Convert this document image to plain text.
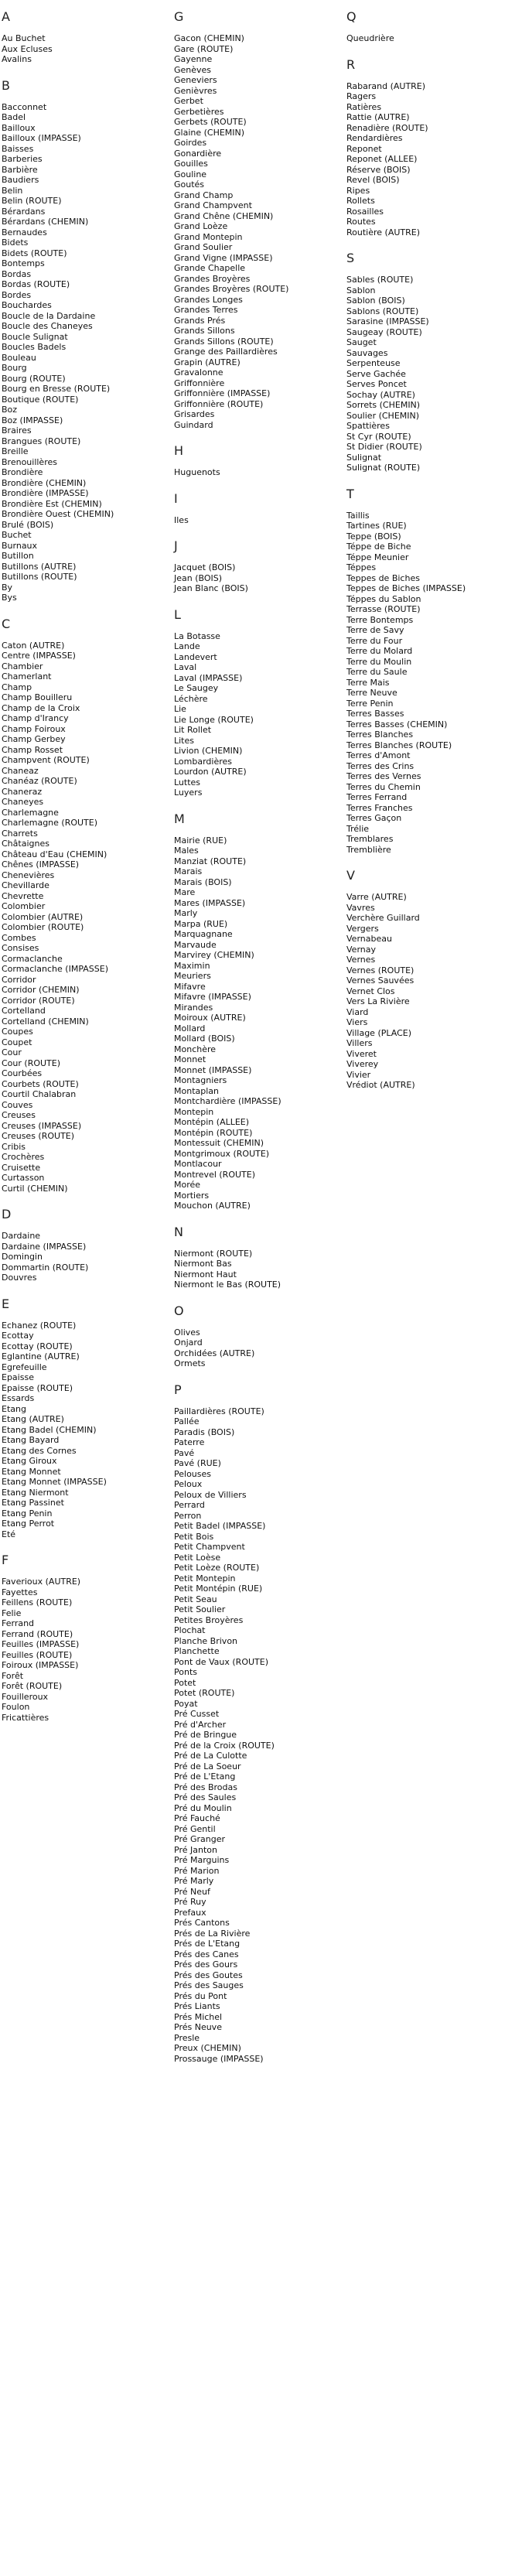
A
Au Buchet
Aux Ecluses
Avalins
B
Bacconnet
Badel
Bailloux
Bailloux (IMPASSE)
Baisses
Barberies
Barbière
Baudiers
Belin
Belin (ROUTE)
Bérardans
Bérardans (CHEMIN)
Bernaudes
Bidets
Bidets (ROUTE)
Bontemps
Bordas
Bordas (ROUTE)
Bordes
Bouchardes
Boucle de la Dardaine
Boucle des Chaneyes
Boucle Sulignat
Boucles Badels
Bouleau
Bourg
Bourg (ROUTE)
Bourg en Bresse (ROUTE)
Boutique (ROUTE)
Boz
Boz (IMPASSE)
Braires
Brangues (ROUTE)
Breille
Brenouillères
Brondière
Brondière (CHEMIN)
Brondière (IMPASSE)
Brondière Est (CHEMIN)
Brondière Ouest (CHEMIN)
Brulé (BOIS)
Buchet
Burnaux
Butillon
Butillons (AUTRE)
Butillons (ROUTE)
By
Bys
C
Caton (AUTRE)
Centre (IMPASSE)
Chambier
Chamerlant
Champ
Champ Bouilleru
Champ de la Croix
Champ d'Irancy
Champ Foiroux
Champ Gerbey
Champ Rosset
Champvent (ROUTE)
Chaneaz
Chanéaz (ROUTE)
Chaneraz
Chaneyes
Charlemagne
Charlemagne (ROUTE)
Charrets
Châtaignes
Château d'Eau (CHEMIN)
Chênes (IMPASSE)
Chenevières
Chevillarde
Chevrette
Colombier
Colombier (AUTRE)
Colombier (ROUTE)
Combes
Consises
Cormaclanche
Cormaclanche (IMPASSE)
Corridor
Corridor (CHEMIN)
Corridor (ROUTE)
Cortelland
Cortelland (CHEMIN)
Coupes
Coupet
Cour
Cour (ROUTE)
Courbées
Courbets (ROUTE)
Courtil Chalabran
Couves
Creuses
Creuses (IMPASSE)
Creuses (ROUTE)
Cribis
Crochères
Cruisette
Curtasson
Curtil (CHEMIN)
D
Dardaine
Dardaine (IMPASSE)
Domingin
Dommartin (ROUTE)
Douvres
E
Echanez (ROUTE)
Ecottay
Ecottay (ROUTE)
Eglantine (AUTRE)
Egrefeuille
Epaisse
Epaisse (ROUTE)
Essards
Etang
Etang (AUTRE)
Etang Badel (CHEMIN)
Etang Bayard
Etang des Cornes
Etang Giroux
Etang Monnet
Etang Monnet (IMPASSE)
Etang Niermont
Etang Passinet
Etang Penin
Etang Perrot
Eté
F
Faverioux (AUTRE)
Fayettes
Feillens (ROUTE)
Felie
Ferrand
Ferrand (ROUTE)
Feuilles (IMPASSE)
Feuilles (ROUTE)
Foiroux (IMPASSE)
Forêt
Forêt (ROUTE)
Fouilleroux
Foulon
Fricattières
G
Gacon (CHEMIN)
Gare (ROUTE)
Gayenne
Genèves
Geneviers
Genièvres
Gerbet
Gerbetières
Gerbets (ROUTE)
Glaine (CHEMIN)
Goirdes
Gonardière
Gouilles
Gouline
Goutés
Grand Champ
Grand Champvent
Grand Chêne (CHEMIN)
Grand Loèze
Grand Montepin
Grand Soulier
Grand Vigne (IMPASSE)
Grande Chapelle
Grandes Broyères
Grandes Broyères (ROUTE)
Grandes Longes
Grandes Terres
Grands Prés
Grands Sillons
Grands Sillons (ROUTE)
Grange des Paillardières
Grapin (AUTRE)
Gravalonne
Griffonnière
Griffonnière (IMPASSE)
Griffonnière (ROUTE)
Grisardes
Guindard
H
Huguenots
I
Iles
J
Jacquet (BOIS)
Jean (BOIS)
Jean Blanc (BOIS)
L
La Botasse
Lande
Landevert
Laval
Laval (IMPASSE)
Le Saugey
Léchère
Lie
Lie Longe (ROUTE)
Lit Rollet
Lites
Livion (CHEMIN)
Lombardières
Lourdon (AUTRE)
Luttes
Luyers
M
Mairie (RUE)
Males
Manziat (ROUTE)
Marais
Marais (BOIS)
Mare
Mares (IMPASSE)
Marly
Marpa (RUE)
Marquagnane
Marvaude
Marvirey (CHEMIN)
Maximin
Meuriers
Mifavre
Mifavre (IMPASSE)
Mirandes
Moiroux (AUTRE)
Mollard
Mollard (BOIS)
Monchère
Monnet
Monnet (IMPASSE)
Montagniers
Montaplan
Montchardière (IMPASSE)
Montepin
Montépin (ALLEE)
Montépin (ROUTE)
Montessuit (CHEMIN)
Montgrimoux (ROUTE)
Montlacour
Montrevel (ROUTE)
Morée
Mortiers
Mouchon (AUTRE)
N
Niermont (ROUTE)
Niermont Bas
Niermont Haut
Niermont le Bas (ROUTE)
O
Olives
Onjard
Orchidées (AUTRE)
Ormets
P
Paillardières (ROUTE)
Pallée
Paradis (BOIS)
Paterre
Pavé
Pavé (RUE)
Pelouses
Peloux
Peloux de Villiers
Perrard
Perron
Petit Badel (IMPASSE)
Petit Bois
Petit Champvent
Petit Loèse
Petit Loèze (ROUTE)
Petit Montepin
Petit Montépin (RUE)
Petit Seau
Petit Soulier
Petites Broyères
Plochat
Planche Brivon
Planchette
Pont de Vaux (ROUTE)
Ponts
Potet
Potet (ROUTE)
Poyat
Pré Cusset
Pré d'Archer
Pré de Bringue
Pré de la Croix (ROUTE)
Pré de La Culotte
Pré de La Soeur
Pré de L'Etang
Pré des Brodas
Pré des Saules
Pré du Moulin
Pré Fauché
Pré Gentil
Pré Granger
Pré Janton
Pré Marguins
Pré Marion
Pré Marly
Pré Neuf
Pré Ruy
Prefaux
Prés Cantons
Prés de La Rivière
Prés de L'Etang
Prés des Canes
Prés des Gours
Prés des Goutes
Prés des Sauges
Prés du Pont
Prés Liants
Prés Michel
Prés Neuve
Presle
Preux (CHEMIN)
Prossauge (IMPASSE)
Q
Queudrière
R
Rabarand (AUTRE)
Ragers
Ratières
Rattie (AUTRE)
Renadière (ROUTE)
Rendardières
Reponet
Reponet (ALLEE)
Réserve (BOIS)
Revel (BOIS)
Ripes
Rollets
Rosailles
Routes
Routière (AUTRE)
S
Sables (ROUTE)
Sablon
Sablon (BOIS)
Sablons (ROUTE)
Sarasine (IMPASSE)
Saugeay (ROUTE)
Sauget
Sauvages
Serpenteuse
Serve Gachée
Serves Poncet
Sochay (AUTRE)
Sorrets (CHEMIN)
Soulier (CHEMIN)
Spattières
St Cyr (ROUTE)
St Didier (ROUTE)
Sulignat
Sulignat (ROUTE)
T
Taillis
Tartines (RUE)
Teppe (BOIS)
Téppe de Biche
Téppe Meunier
Téppes
Teppes de Biches
Teppes de Biches (IMPASSE)
Téppes du Sablon
Terrasse (ROUTE)
Terre Bontemps
Terre de Savy
Terre du Four
Terre du Molard
Terre du Moulin
Terre du Saule
Terre Mais
Terre Neuve
Terre Penin
Terres Basses
Terres Basses (CHEMIN)
Terres Blanches
Terres Blanches (ROUTE)
Terres d'Amont
Terres des Crins
Terres des Vernes
Terres du Chemin
Terres Ferrand
Terres Franches
Terres Gaçon
Trélie
Tremblares
Tremblière
V
Varre (AUTRE)
Vavres
Verchère Guillard
Vergers
Vernabeau
Vernay
Vernes
Vernes (ROUTE)
Vernes Sauvées
Vernet Clos
Vers La Rivière
Viard
Viers
Village (PLACE)
Villers
Viveret
Viverey
Vivier
Vrédiot (AUTRE)
